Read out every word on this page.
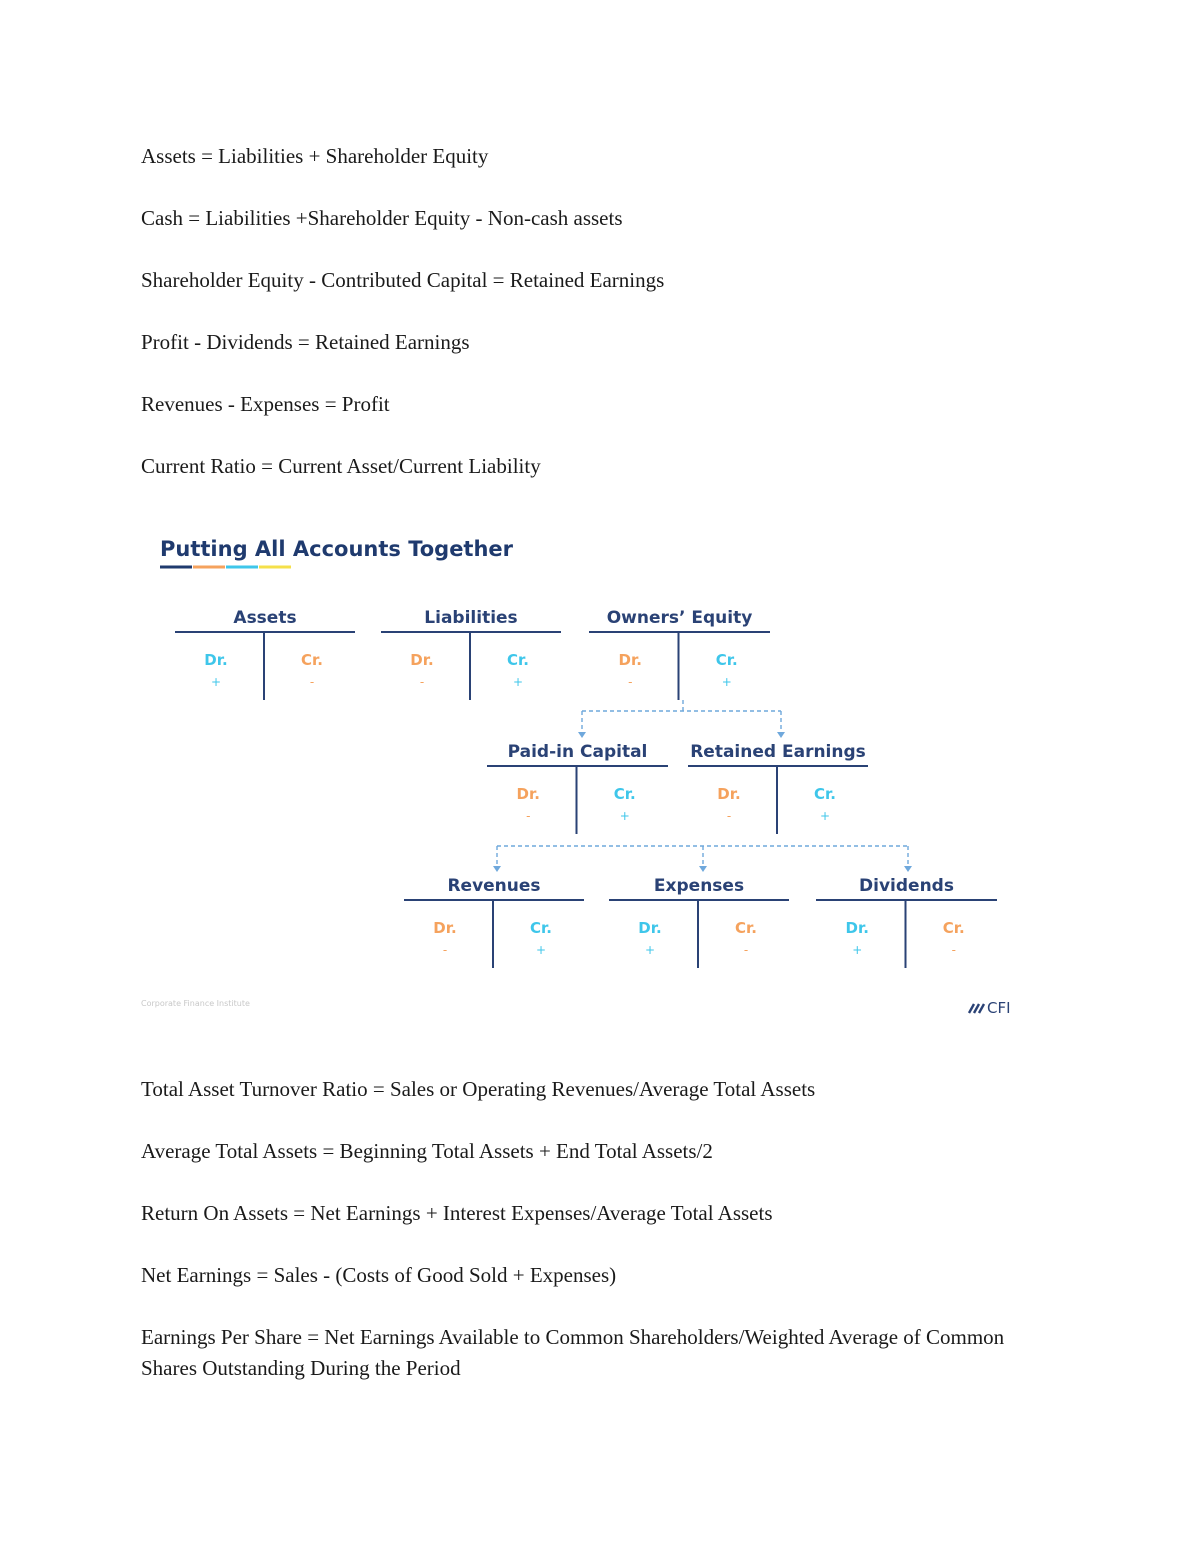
Assets = Liabilities + Shareholder Equity

Cash = Liabilities +Shareholder Equity - Non-cash assets

Shareholder Equity - Contributed Capital = Retained Earnings

Profit - Dividends = Retained Earnings

Revenues - Expenses = Profit

Current Ratio = Current Asset/Current Liability

Putting All Accounts Together
Assets
Dr.
+
Cr.
-
Liabilities
Dr.
-
Cr.
+
Owners’ Equity
Dr.
-
Cr.
+
Paid-in Capital
Dr.
-
Cr.
+
Retained Earnings
Dr.
-
Cr.
+
Revenues
Dr.
-
Cr.
+
Expenses
Dr.
+
Cr.
-
Dividends
Dr.
+
Cr.
-
Corporate Finance Institute	CFI

Total Asset Turnover Ratio = Sales or Operating Revenues/Average Total Assets

Average Total Assets = Beginning Total Assets + End Total Assets/2

Return On Assets = Net Earnings + Interest Expenses/Average Total Assets

Net Earnings = Sales - (Costs of Good Sold + Expenses)

Earnings Per Share = Net Earnings Available to Common Shareholders/Weighted Average of Common Shares Outstanding During the Period
